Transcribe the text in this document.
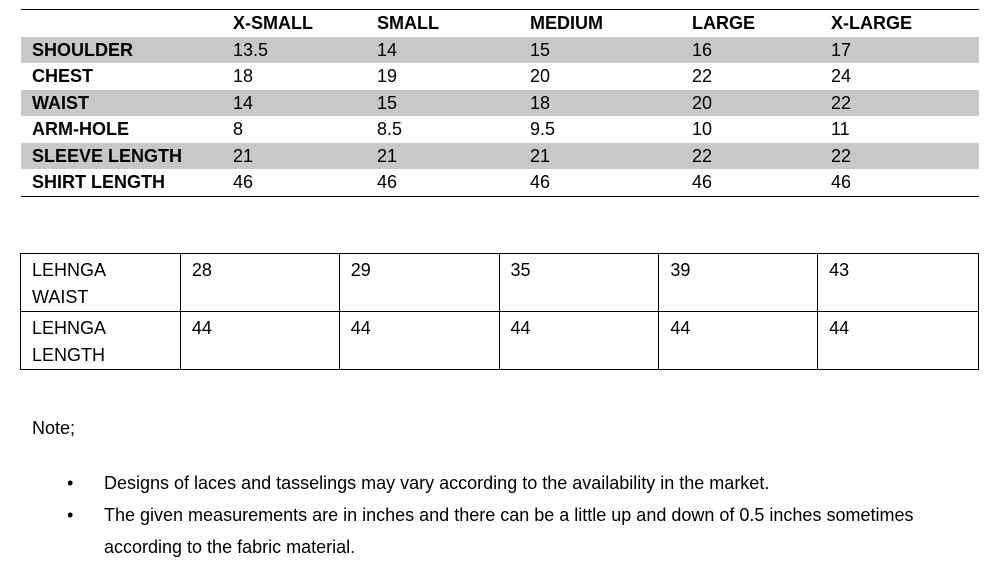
	X-SMALL	SMALL	MEDIUM	LARGE	X-LARGE
SHOULDER	13.5	14	15	16	17
CHEST	18	19	20	22	24
WAIST	14	15	18	20	22
ARM-HOLE	8	8.5	9.5	10	11
SLEEVE LENGTH	21	21	21	22	22
SHIRT LENGTH	46	46	46	46	46
LEHNGA WAIST	28	29	35	39	43

LEHNGA LENGTH	44	44	44	44	44

Note;

• Designs of laces and tasselings may vary according to the availability in the market.
• The given measurements are in inches and there can be a little up and down of 0.5 inches sometimes according to the fabric material.
